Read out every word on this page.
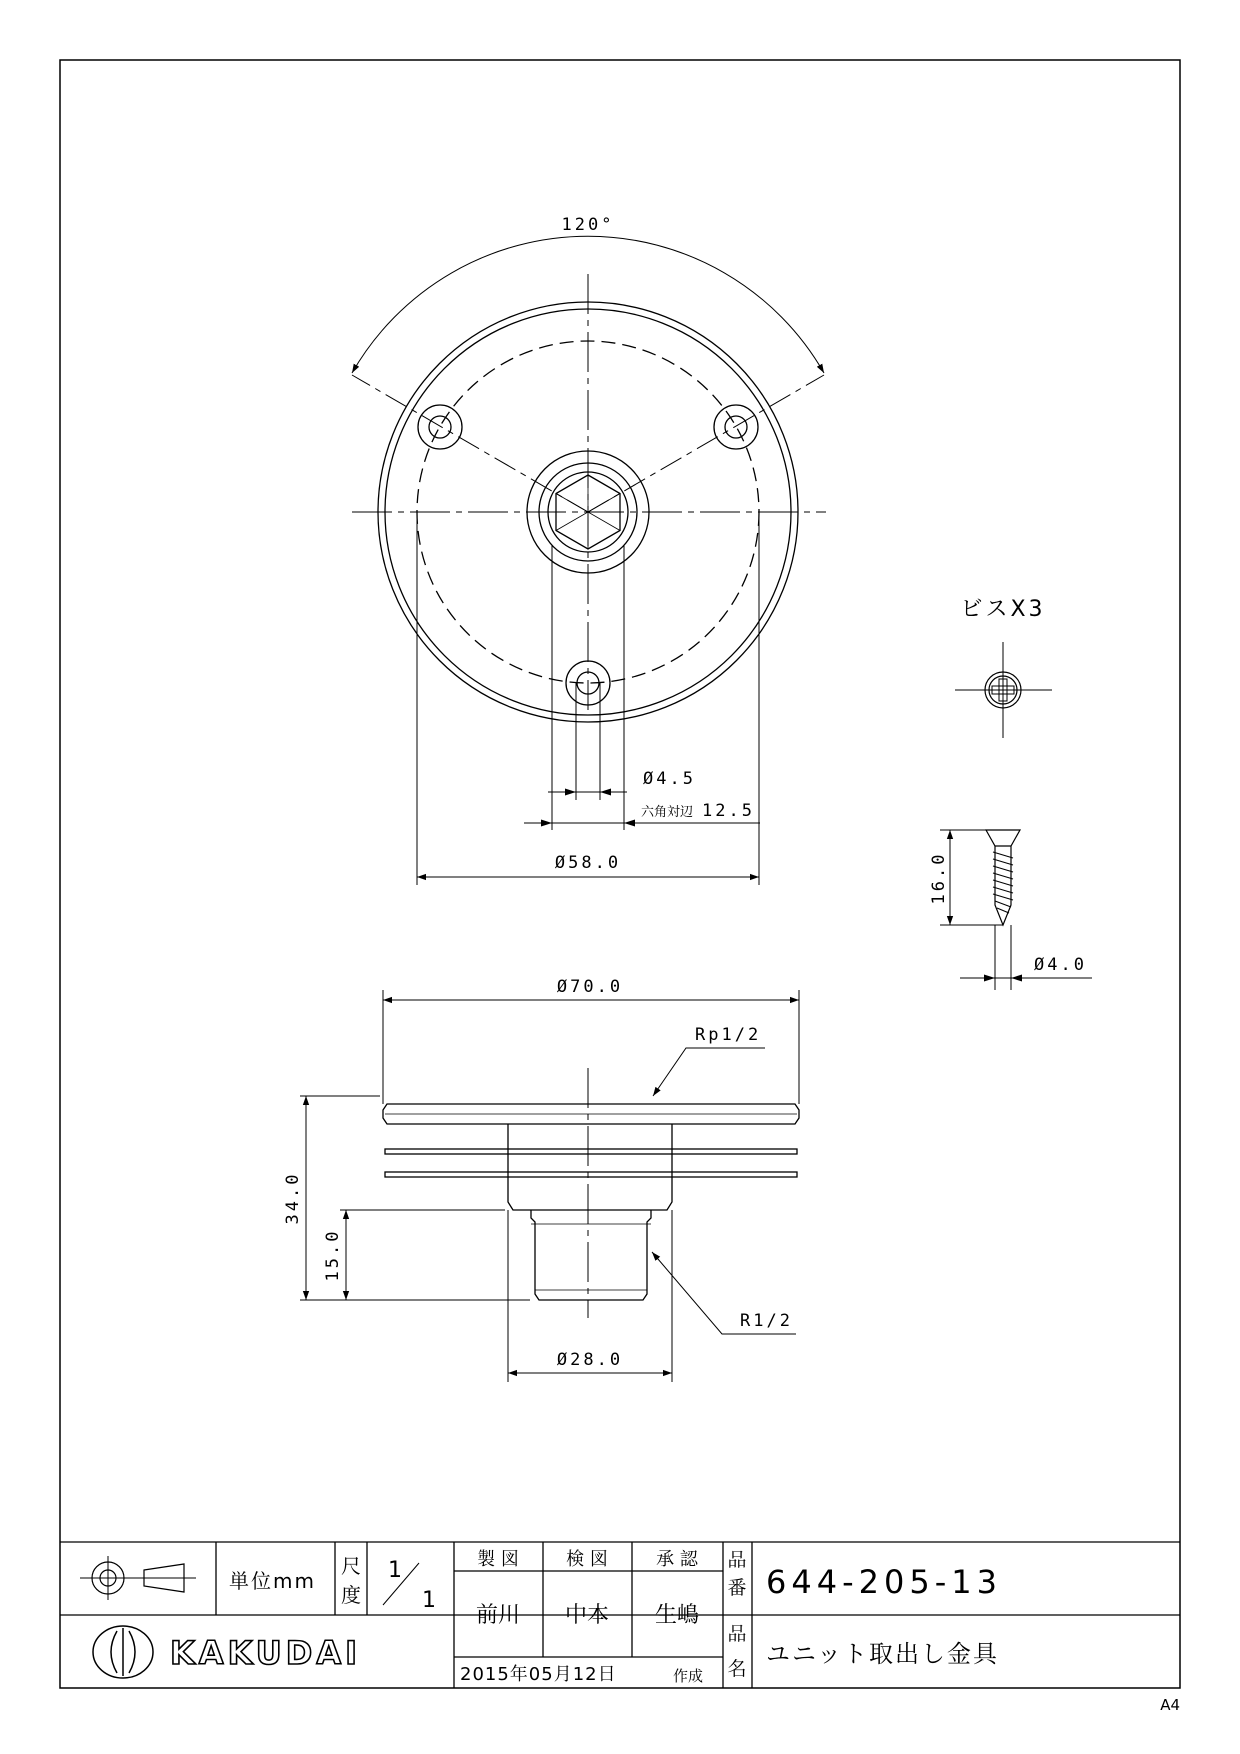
120°
Ø4.5
六角対辺 12.5
Ø58.0
ビスX3
16.0
Ø4.0
Ø70.0
Rp1/2
34.0
15.0
R1/2
Ø28.0
KAKUDAI
単位mm
尺
度
1
1
製 図	検 図	承 認
前川 中本 生嶋
2015年05月12日	作成
品
番 644-205-13
品
名
ユニット取出し金具
A4
